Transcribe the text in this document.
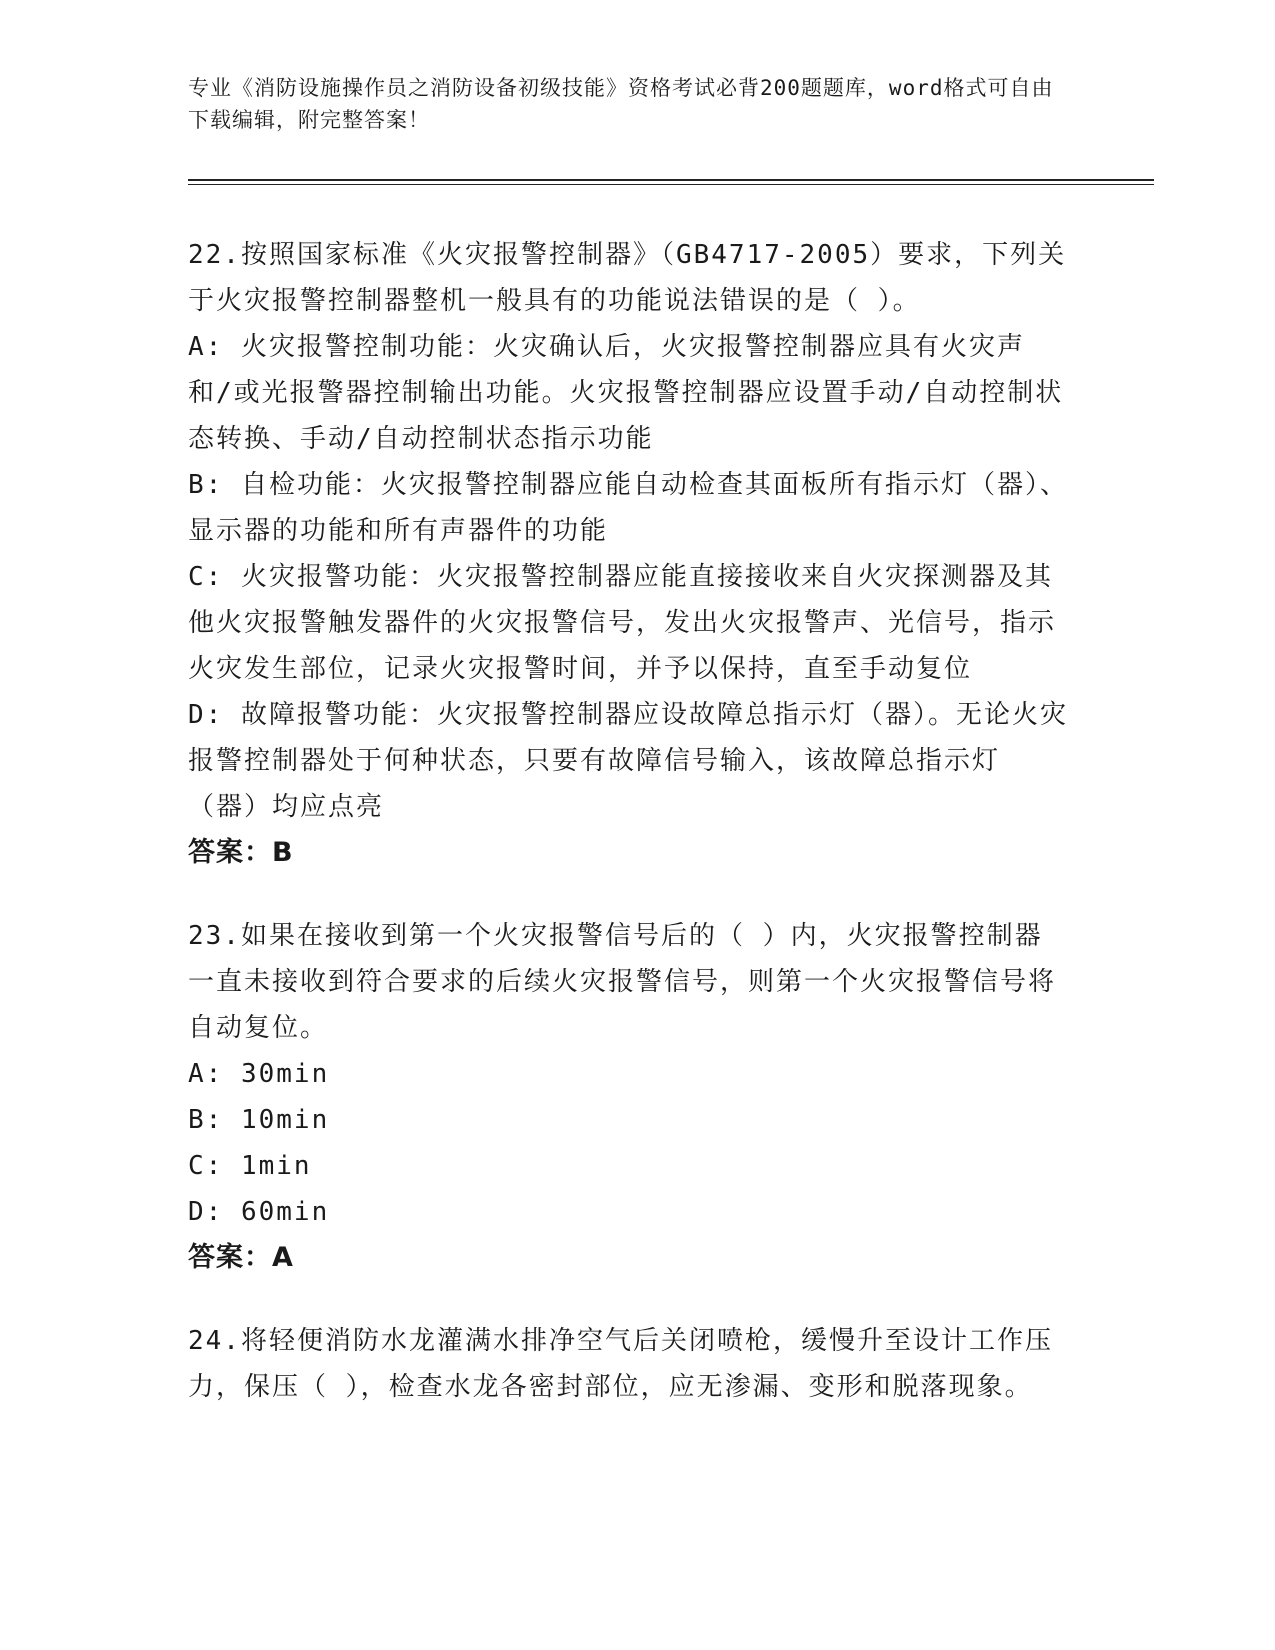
专业《消防设施操作员之消防设备初级技能》资格考试必背200题题库，word格式可自由下载编辑，附完整答案！

22.按照国家标准《火灾报警控制器》（GB4717-2005）要求，下列关于火灾报警控制器整机一般具有的功能说法错误的是（ ）。

A: 火灾报警控制功能：火灾确认后，火灾报警控制器应具有火灾声和/或光报警器控制输出功能。火灾报警控制器应设置手动/自动控制状态转换、手动/自动控制状态指示功能

B: 自检功能：火灾报警控制器应能自动检查其面板所有指示灯（器）、显示器的功能和所有声器件的功能

C: 火灾报警功能：火灾报警控制器应能直接接收来自火灾探测器及其他火灾报警触发器件的火灾报警信号，发出火灾报警声、光信号，指示火灾发生部位，记录火灾报警时间，并予以保持，直至手动复位

D: 故障报警功能：火灾报警控制器应设故障总指示灯（器）。无论火灾报警控制器处于何种状态，只要有故障信号输入，该故障总指示灯（器）均应点亮

答案：B

23.如果在接收到第一个火灾报警信号后的（ ）内，火灾报警控制器一直未接收到符合要求的后续火灾报警信号，则第一个火灾报警信号将自动复位。

A: 30min

B: 10min

C: 1min

D: 60min

答案：A

24.将轻便消防水龙灌满水排净空气后关闭喷枪，缓慢升至设计工作压力，保压（ ），检查水龙各密封部位，应无渗漏、变形和脱落现象。
